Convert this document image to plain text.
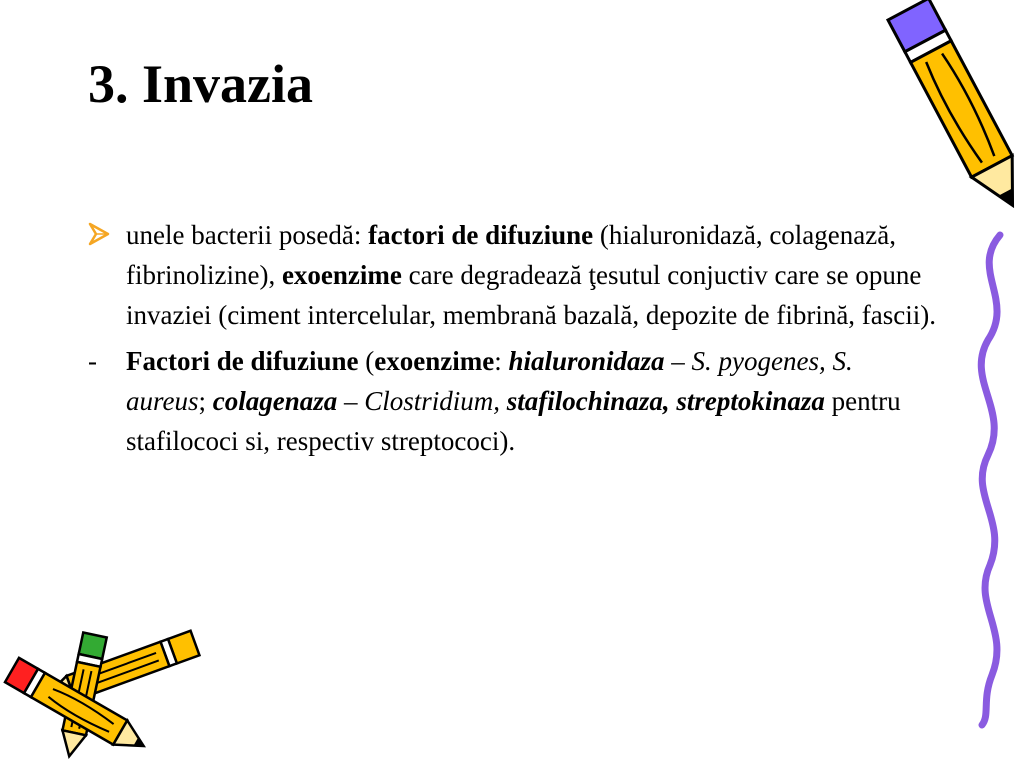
3. Invazia
unele bacterii posedă: factori de difuziune (hialuronidază, colagenază, fibrinolizine), exoenzime care degradează ţesutul conjuctiv care se opune invaziei (ciment intercelular, membrană bazală, depozite de fibrină, fascii).
- Factori de difuziune (exoenzime: hialuronidaza – S. pyogenes, S. aureus; colagenaza – Clostridium, stafilochinaza, streptokinaza pentru stafilococi si, respectiv streptococi).
